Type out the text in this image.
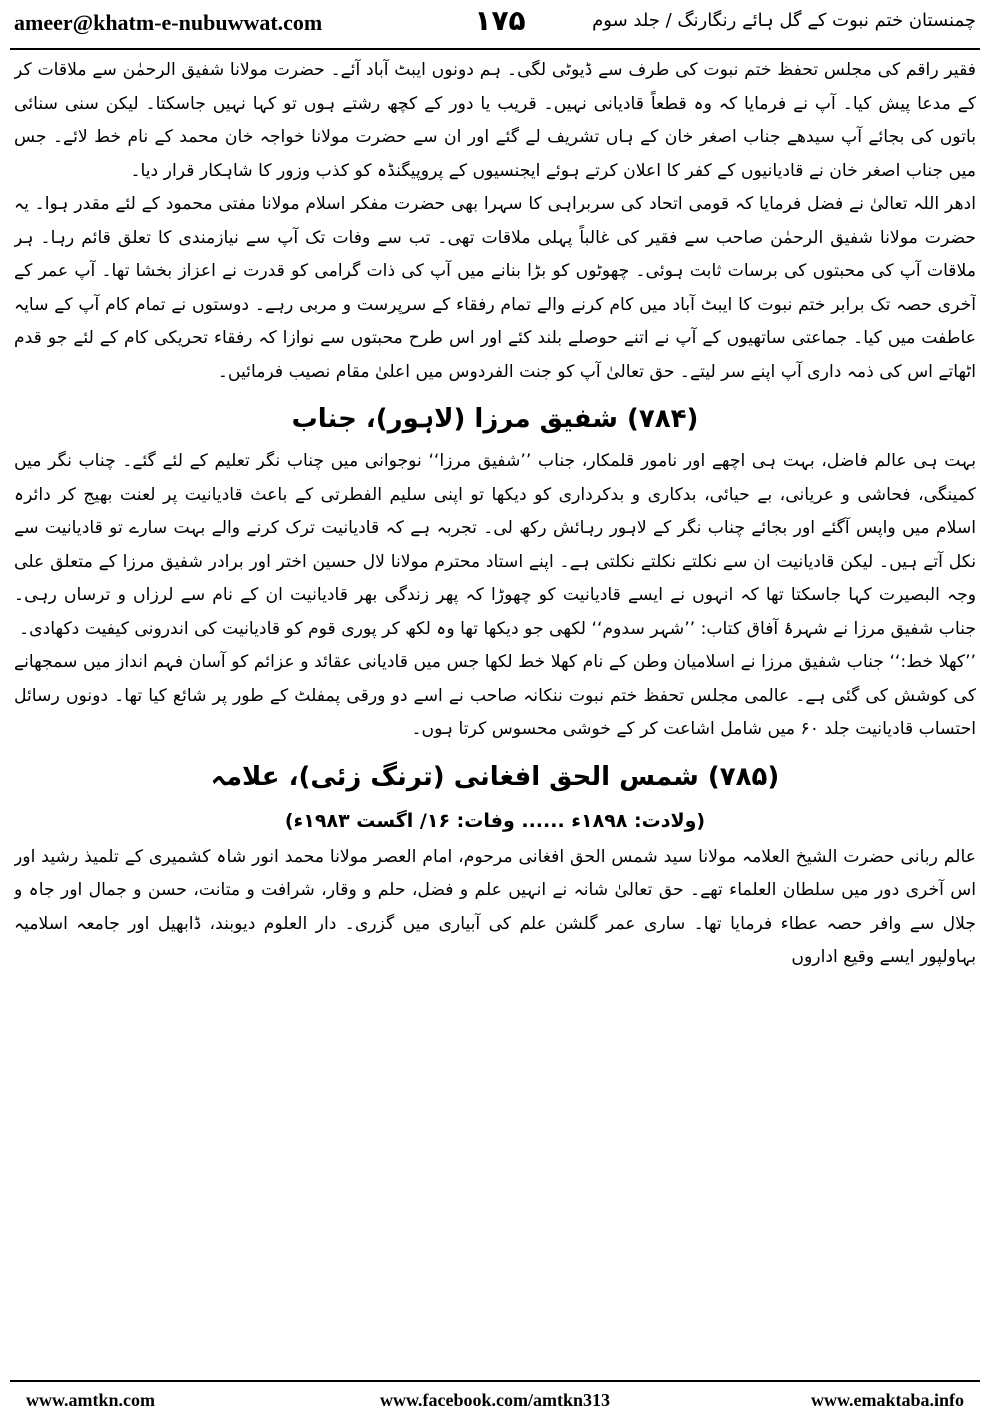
ameer@khatm-e-nubuwwat.com	۱۷۵	چمنستان ختم نبوت کے گل ہائے رنگارنگ / جلد سوم

فقیر راقم کی مجلس تحفظ ختم نبوت کی طرف سے ڈیوٹی لگی۔ ہم دونوں ایبٹ آباد آئے۔ حضرت مولانا شفیق الرحمٰن سے ملاقات کر کے مدعا پیش کیا۔ آپ نے فرمایا کہ وہ قطعاً قادیانی نہیں۔ قریب یا دور کے کچھ رشتے ہوں تو کہا نہیں جاسکتا۔ لیکن سنی سنائی باتوں کی بجائے آپ سیدھے جناب اصغر خان کے ہاں تشریف لے گئے اور ان سے حضرت مولانا خواجہ خان محمد کے نام خط لائے۔ جس میں جناب اصغر خان نے قادیانیوں کے کفر کا اعلان کرتے ہوئے ایجنسیوں کے پروپیگنڈہ کو کذب وزور کا شاہکار قرار دیا۔

ادھر اللہ تعالیٰ نے فضل فرمایا کہ قومی اتحاد کی سربراہی کا سہرا بھی حضرت مفکر اسلام مولانا مفتی محمود کے لئے مقدر ہوا۔ یہ حضرت مولانا شفیق الرحمٰن صاحب سے فقیر کی غالباً پہلی ملاقات تھی۔ تب سے وفات تک آپ سے نیازمندی کا تعلق قائم رہا۔ ہر ملاقات آپ کی محبتوں کی برسات ثابت ہوئی۔ چھوٹوں کو بڑا بنانے میں آپ کی ذات گرامی کو قدرت نے اعزاز بخشا تھا۔ آپ عمر کے آخری حصہ تک برابر ختم نبوت کا ایبٹ آباد میں کام کرنے والے تمام رفقاء کے سرپرست و مربی رہے۔ دوستوں نے تمام کام آپ کے سایہ عاطفت میں کیا۔ جماعتی ساتھیوں کے آپ نے اتنے حوصلے بلند کئے اور اس طرح محبتوں سے نوازا کہ رفقاء تحریکی کام کے لئے جو قدم اٹھاتے اس کی ذمہ داری آپ اپنے سر لیتے۔ حق تعالیٰ آپ کو جنت الفردوس میں اعلیٰ مقام نصیب فرمائیں۔

(۷۸۴) شفیق مرزا (لاہور)، جناب

بہت ہی عالم فاضل، بہت ہی اچھے اور نامور قلمکار، جناب ’’شفیق مرزا‘‘ نوجوانی میں چناب نگر تعلیم کے لئے گئے۔ چناب نگر میں کمینگی، فحاشی و عریانی، بے حیائی، بدکاری و بدکرداری کو دیکھا تو اپنی سلیم الفطرتی کے باعث قادیانیت پر لعنت بھیج کر دائرہ اسلام میں واپس آگئے اور بجائے چناب نگر کے لاہور رہائش رکھ لی۔ تجربہ ہے کہ قادیانیت ترک کرنے والے بہت سارے تو قادیانیت سے نکل آتے ہیں۔ لیکن قادیانیت ان سے نکلتے نکلتے نکلتی ہے۔ اپنے استاد محترم مولانا لال حسین اختر اور برادر شفیق مرزا کے متعلق علی وجہ البصیرت کہا جاسکتا تھا کہ انہوں نے ایسے قادیانیت کو چھوڑا کہ پھر زندگی بھر قادیانیت ان کے نام سے لرزاں و ترساں رہی۔ جناب شفیق مرزا نے شہرۂ آفاق کتاب: ’’شہر سدوم‘‘ لکھی جو دیکھا تھا وہ لکھ کر پوری قوم کو قادیانیت کی اندرونی کیفیت دکھادی۔

’’کھلا خط:‘‘ جناب شفیق مرزا نے اسلامیان وطن کے نام کھلا خط لکھا جس میں قادیانی عقائد و عزائم کو آسان فہم انداز میں سمجھانے کی کوشش کی گئی ہے۔ عالمی مجلس تحفظ ختم نبوت ننکانہ صاحب نے اسے دو ورقی پمفلٹ کے طور پر شائع کیا تھا۔ دونوں رسائل احتساب قادیانیت جلد ۶۰ میں شامل اشاعت کر کے خوشی محسوس کرتا ہوں۔

(۷۸۵) شمس الحق افغانی (ترنگ زئی)، علامہ
(ولادت: ۱۸۹۸ء ...... وفات: ۱۶/ اگست ۱۹۸۳ء)

عالم ربانی حضرت الشیخ العلامہ مولانا سید شمس الحق افغانی مرحوم، امام العصر مولانا محمد انور شاہ کشمیری کے تلمیذ رشید اور اس آخری دور میں سلطان العلماء تھے۔ حق تعالیٰ شانہ نے انہیں علم و فضل، حلم و وقار، شرافت و متانت، حسن و جمال اور جاہ و جلال سے وافر حصہ عطاء فرمایا تھا۔ ساری عمر گلشن علم کی آبیاری میں گزری۔ دار العلوم دیوبند، ڈابھیل اور جامعہ اسلامیہ بہاولپور ایسے وقیع اداروں

www.amtkn.com	www.facebook.com/amtkn313	www.emaktaba.info
